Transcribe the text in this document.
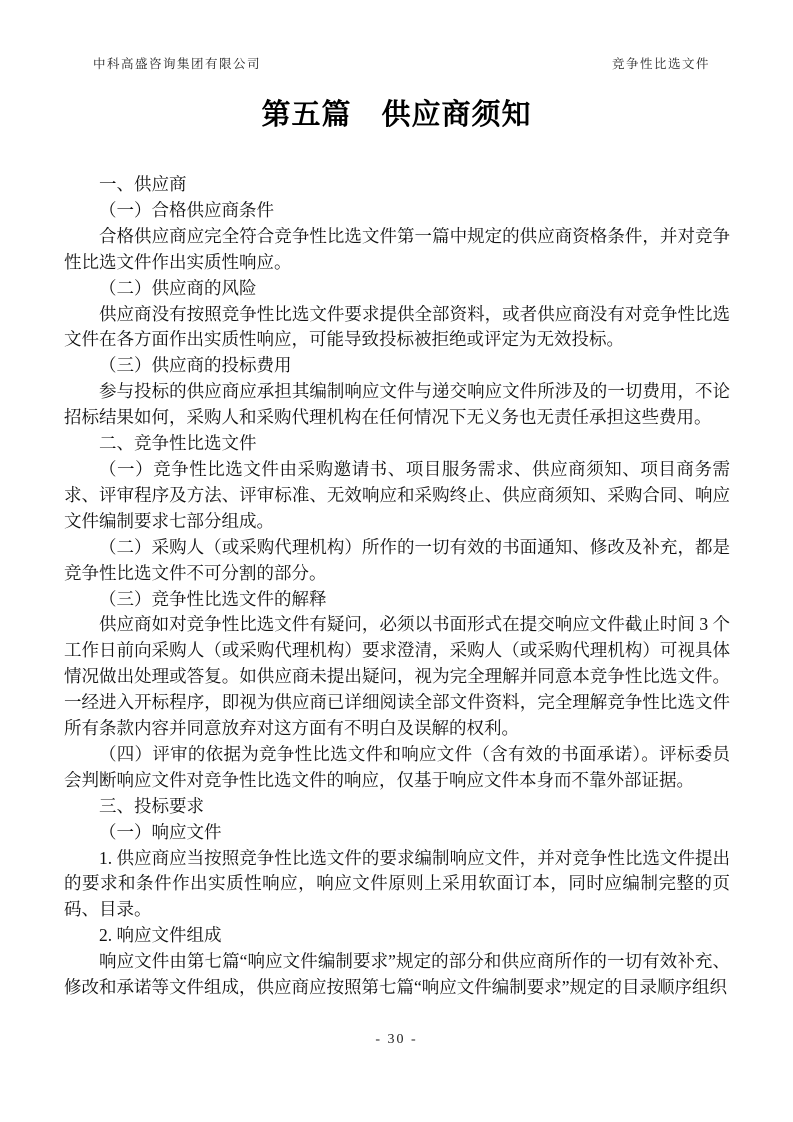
中科高盛咨询集团有限公司	竞争性比选文件
第五篇　供应商须知

一、供应商

（一）合格供应商条件

合格供应商应完全符合竞争性比选文件第一篇中规定的供应商资格条件，并对竞争性比选文件作出实质性响应。

（二）供应商的风险

供应商没有按照竞争性比选文件要求提供全部资料，或者供应商没有对竞争性比选文件在各方面作出实质性响应，可能导致投标被拒绝或评定为无效投标。

（三）供应商的投标费用

参与投标的供应商应承担其编制响应文件与递交响应文件所涉及的一切费用，不论招标结果如何，采购人和采购代理机构在任何情况下无义务也无责任承担这些费用。

二、竞争性比选文件

（一）竞争性比选文件由采购邀请书、项目服务需求、供应商须知、项目商务需求、评审程序及方法、评审标准、无效响应和采购终止、供应商须知、采购合同、响应文件编制要求七部分组成。

（二）采购人（或采购代理机构）所作的一切有效的书面通知、修改及补充，都是竞争性比选文件不可分割的部分。

（三）竞争性比选文件的解释

供应商如对竞争性比选文件有疑问，必须以书面形式在提交响应文件截止时间 3 个工作日前向采购人（或采购代理机构）要求澄清，采购人（或采购代理机构）可视具体情况做出处理或答复。如供应商未提出疑问，视为完全理解并同意本竞争性比选文件。一经进入开标程序，即视为供应商已详细阅读全部文件资料，完全理解竞争性比选文件所有条款内容并同意放弃对这方面有不明白及误解的权利。

（四）评审的依据为竞争性比选文件和响应文件（含有效的书面承诺）。评标委员会判断响应文件对竞争性比选文件的响应，仅基于响应文件本身而不靠外部证据。

三、投标要求

（一）响应文件

1. 供应商应当按照竞争性比选文件的要求编制响应文件，并对竞争性比选文件提出的要求和条件作出实质性响应，响应文件原则上采用软面订本，同时应编制完整的页码、目录。

2. 响应文件组成

响应文件由第七篇“响应文件编制要求”规定的部分和供应商所作的一切有效补充、修改和承诺等文件组成，供应商应按照第七篇“响应文件编制要求”规定的目录顺序组织

- 30 -
